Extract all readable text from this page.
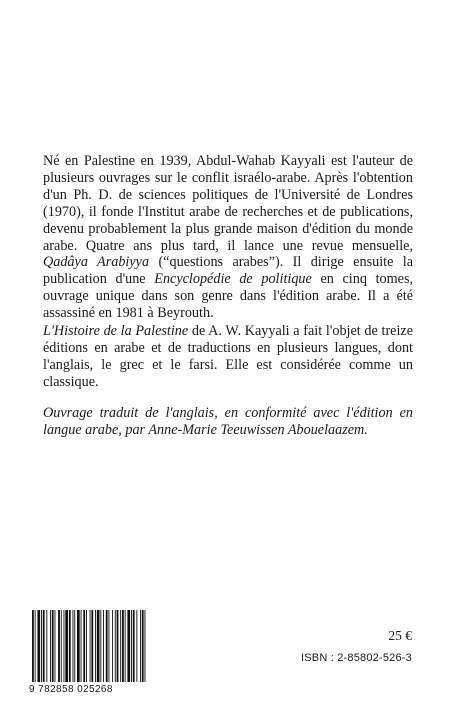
Né en Palestine en 1939, Abdul-Wahab Kayyali est l'auteur de plusieurs ouvrages sur le conflit israélo-arabe. Après l'obtention d'un Ph. D. de sciences politiques de l'Université de Londres (1970), il fonde l'Institut arabe de recherches et de publications, devenu probablement la plus grande maison d'édition du monde arabe. Quatre ans plus tard, il lance une revue mensuelle, Qadâya Arabiyya (“questions arabes”). Il dirige ensuite la publication d'une Encyclopédie de politique en cinq tomes, ouvrage unique dans son genre dans l'édition arabe. Il a été assassiné en 1981 à Beyrouth.

L'Histoire de la Palestine de A. W. Kayyali a fait l'objet de treize éditions en arabe et de traductions en plusieurs langues, dont l'anglais, le grec et le farsi. Elle est considérée comme un classique.

Ouvrage traduit de l'anglais, en conformité avec l'édition en langue arabe, par Anne-Marie Teeuwissen Abouelaazem.

9 782858 025268
25 €
ISBN : 2-85802-526-3
